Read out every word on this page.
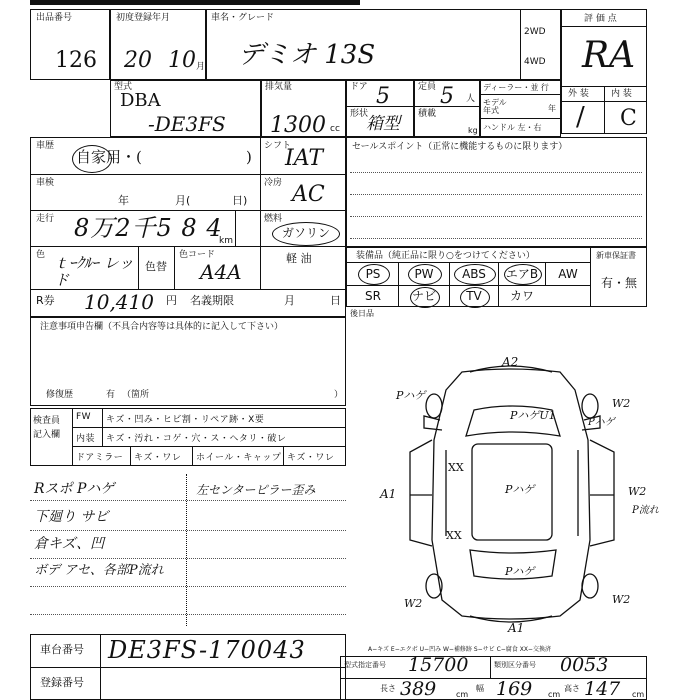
出品番号
126
初度登録年月
20 10 月
車名・グレード
デミオ 13S
2WD
4WD
評 価 点
RA
外 装 内 装
/ C
型式
DBA
-DE3FS
排気量
1300 cc
ドア 5
形状
箱型
定員 5 人
積載
kg
ディーラー・並 行
モデル 年式	年
ハンドル 左・右
車歴
自家用・(	)
シフト
IAT
車検
年	月(	日)
冷房 AC
走行 8万2千5 8 4
km
燃料
ガソリン
色 ｔｰｸﾙｰ レッド
色替
色コード
A4A
軽 油
R券 10,410 円 名義期限	月	日
セールスポイント（正常に機能するものに限ります）
装備品（純正品に限り○をつけてください）	新車保証書
有・無
PS	PW	ABS	エアB	AW
SR	ナビ	TV	カワ
後日品
注意事項申告欄（不具合内容等は具体的に記入して下さい）
修復歴	有 （箇所	）
検査員
記入欄
FW キズ・凹み・ヒビ割・リペア跡・X要
内装 キズ・汚れ・コゲ・穴・ス・ヘタリ・破レ
ドアミラー キズ・ワレ ホイール・キャップ キズ・ワレ
Rスポ Pハゲ
下廻り サビ
倉キズ、凹
ボデ アセ、各部P流れ
左センターピラー歪み
A2
PハゲU1
W2
A1	W2
P流れ
XX
XX
W2	W2
A1
Pハゲ
Pハゲ
Pハゲ
Pハゲ
車台番号 DE3FS-170043
登録番号
A−キズ E−エクボ U−凹み W−補修跡 S−サビ C−腐食 XX−交換済
型式指定番号 15700	類別区分番号 0053
長さ 389 cm
幅 169 cm
高さ 147 cm
